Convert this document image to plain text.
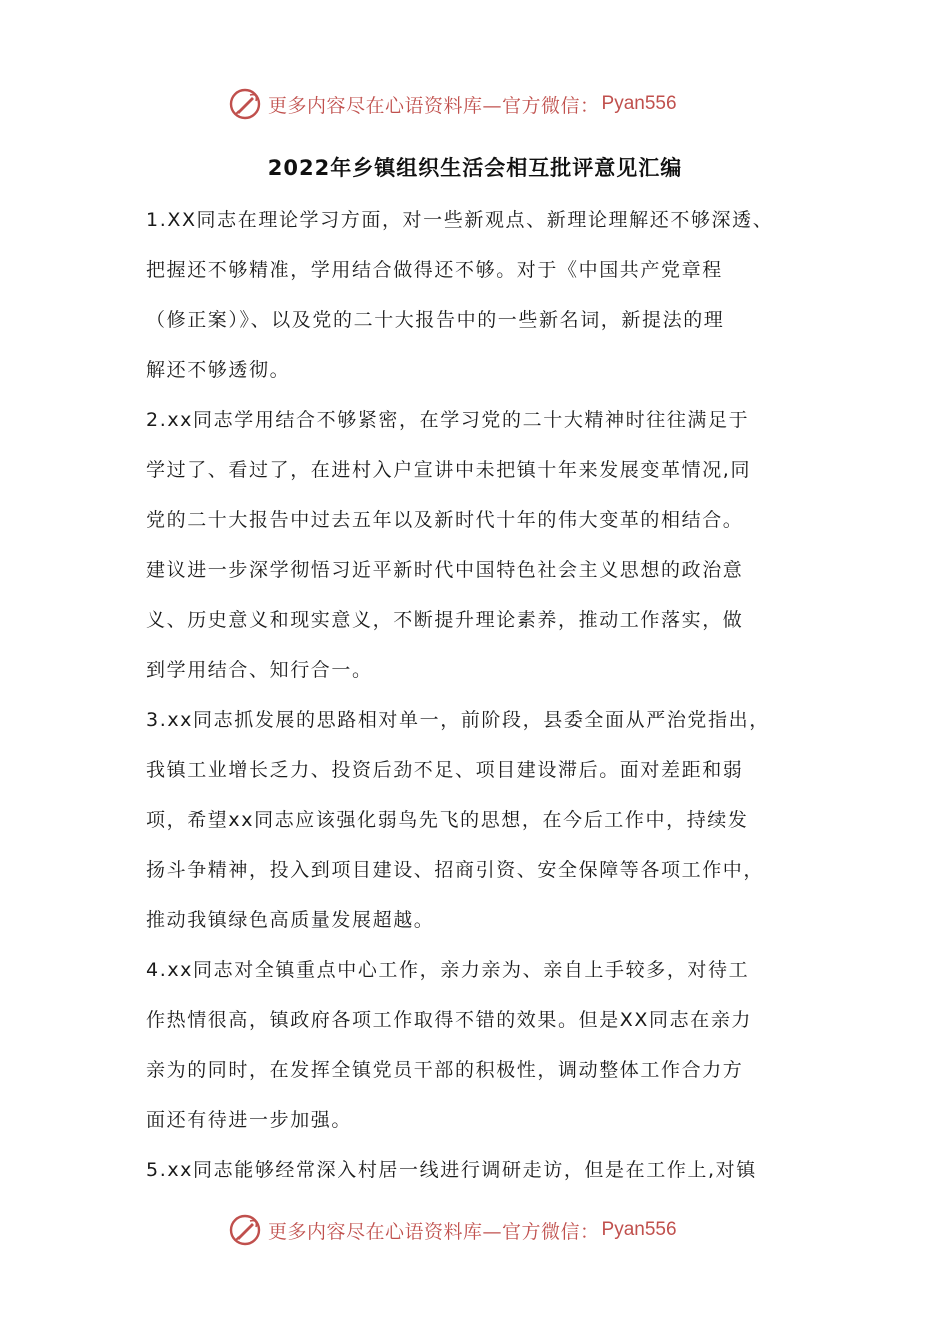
更多内容尽在心语资料库—官方微信： Pyan556
2022年乡镇组织生活会相互批评意见汇编
1.XX同志在理论学习方面，对一些新观点、新理论理解还不够深透、
把握还不够精准，学用结合做得还不够。对于《中国共产党章程
（修正案）》、以及党的二十大报告中的一些新名词，新提法的理
解还不够透彻。
2.xx同志学用结合不够紧密，在学习党的二十大精神时往往满足于
学过了、看过了，在进村入户宣讲中未把镇十年来发展变革情况,同
党的二十大报告中过去五年以及新时代十年的伟大变革的相结合。
建议进一步深学彻悟习近平新时代中国特色社会主义思想的政治意
义、历史意义和现实意义，不断提升理论素养，推动工作落实，做
到学用结合、知行合一。
3.xx同志抓发展的思路相对单一，前阶段，县委全面从严治党指出，
我镇工业增长乏力、投资后劲不足、项目建设滞后。面对差距和弱
项，希望xx同志应该强化弱鸟先飞的思想，在今后工作中，持续发
扬斗争精神，投入到项目建设、招商引资、安全保障等各项工作中，
推动我镇绿色高质量发展超越。
4.xx同志对全镇重点中心工作，亲力亲为、亲自上手较多，对待工
作热情很高，镇政府各项工作取得不错的效果。但是XX同志在亲力
亲为的同时，在发挥全镇党员干部的积极性，调动整体工作合力方
面还有待进一步加强。
5.xx同志能够经常深入村居一线进行调研走访，但是在工作上,对镇
更多内容尽在心语资料库—官方微信： Pyan556
